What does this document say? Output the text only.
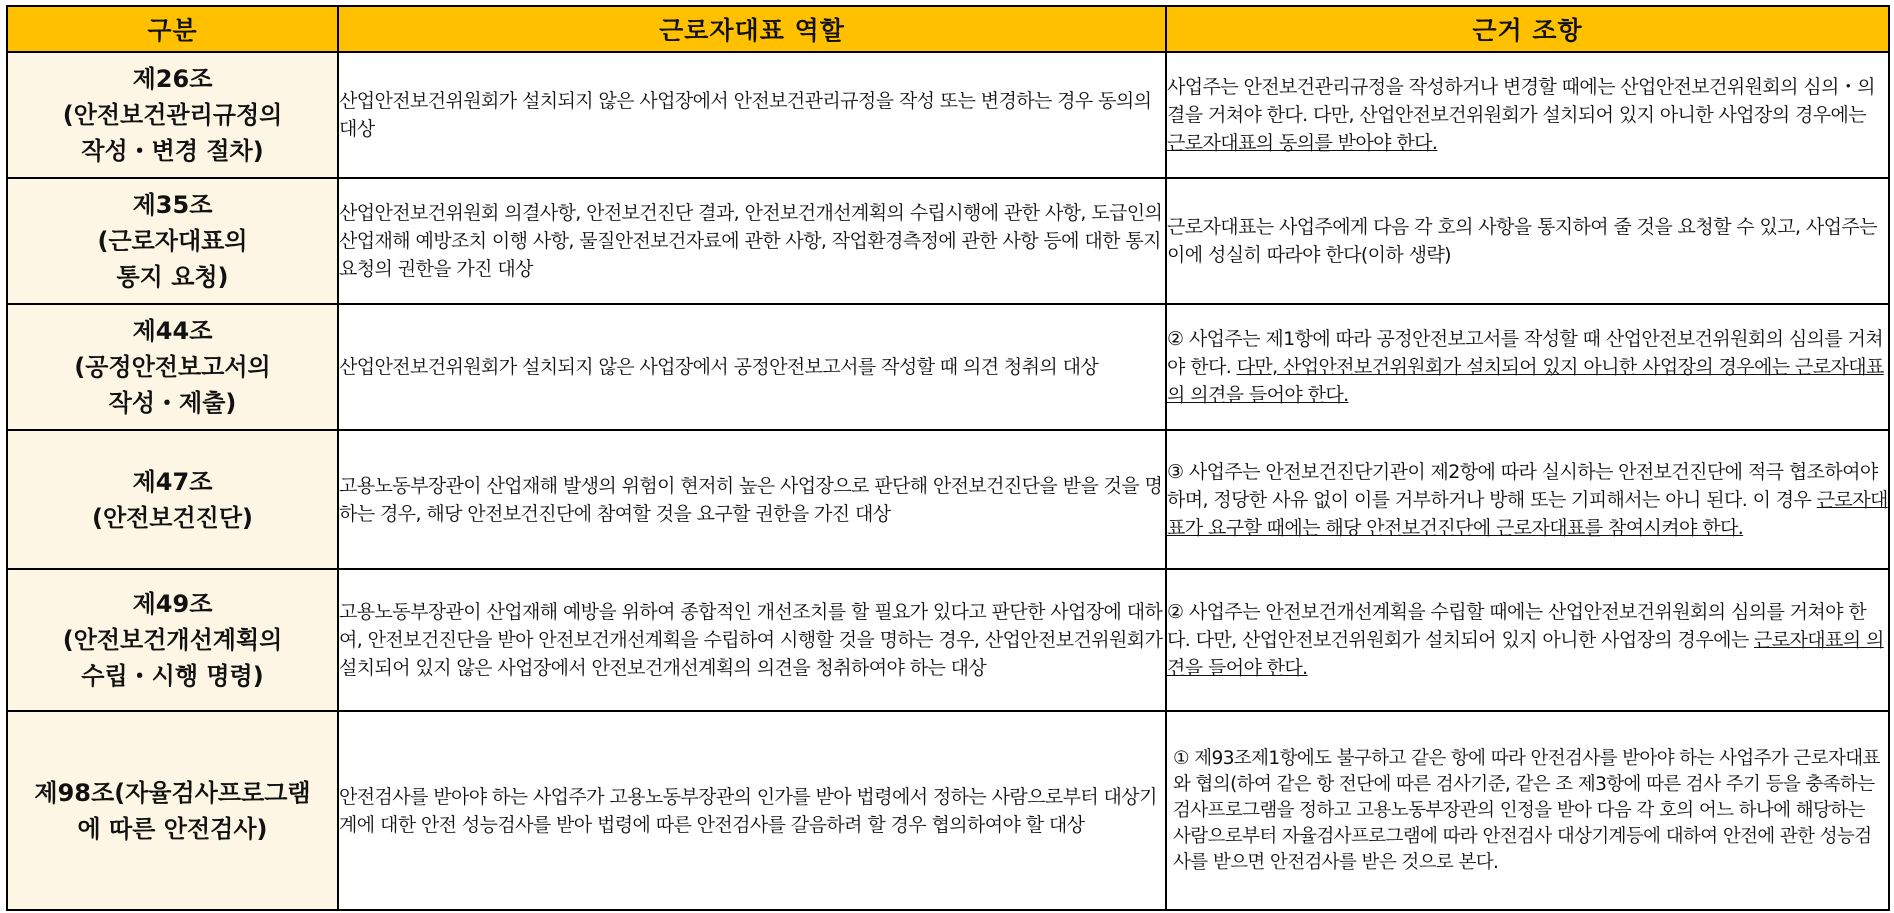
구분	근로자대표 역할	근거 조항

제26조
(안전보건관리규정의
작성・변경 절차)	산업안전보건위원회가 설치되지 않은 사업장에서 안전보건관리규정을 작성 또는 변경하는 경우 동의의 대상	사업주는 안전보건관리규정을 작성하거나 변경할 때에는 산업안전보건위원회의 심의・의결을 거쳐야 한다. 다만, 산업안전보건위원회가 설치되어 있지 아니한 사업장의 경우에는 근로자대표의 동의를 받아야 한다.

제35조
(근로자대표의
통지 요청)	산업안전보건위원회 의결사항, 안전보건진단 결과, 안전보건개선계획의 수립시행에 관한 사항, 도급인의 산업재해 예방조치 이행 사항, 물질안전보건자료에 관한 사항, 작업환경측정에 관한 사항 등에 대한 통지 요청의 권한을 가진 대상	근로자대표는 사업주에게 다음 각 호의 사항을 통지하여 줄 것을 요청할 수 있고, 사업주는 이에 성실히 따라야 한다(이하 생략)

제44조
(공정안전보고서의
작성・제출)	산업안전보건위원회가 설치되지 않은 사업장에서 공정안전보고서를 작성할 때 의견 청취의 대상	② 사업주는 제1항에 따라 공정안전보고서를 작성할 때 산업안전보건위원회의 심의를 거쳐야 한다. 다만, 산업안전보건위원회가 설치되어 있지 아니한 사업장의 경우에는 근로자대표의 의견을 들어야 한다.

제47조
(안전보건진단)	고용노동부장관이 산업재해 발생의 위험이 현저히 높은 사업장으로 판단해 안전보건진단을 받을 것을 명하는 경우, 해당 안전보건진단에 참여할 것을 요구할 권한을 가진 대상	③ 사업주는 안전보건진단기관이 제2항에 따라 실시하는 안전보건진단에 적극 협조하여야 하며, 정당한 사유 없이 이를 거부하거나 방해 또는 기피해서는 아니 된다. 이 경우 근로자대표가 요구할 때에는 해당 안전보건진단에 근로자대표를 참여시켜야 한다.

제49조
(안전보건개선계획의
수립・시행 명령)	고용노동부장관이 산업재해 예방을 위하여 종합적인 개선조치를 할 필요가 있다고 판단한 사업장에 대하여, 안전보건진단을 받아 안전보건개선계획을 수립하여 시행할 것을 명하는 경우, 산업안전보건위원회가 설치되어 있지 않은 사업장에서 안전보건개선계획의 의견을 청취하여야 하는 대상	② 사업주는 안전보건개선계획을 수립할 때에는 산업안전보건위원회의 심의를 거쳐야 한다. 다만, 산업안전보건위원회가 설치되어 있지 아니한 사업장의 경우에는 근로자대표의 의견을 들어야 한다.

제98조(자율검사프로그램
에 따른 안전검사)	안전검사를 받아야 하는 사업주가 고용노동부장관의 인가를 받아 법령에서 정하는 사람으로부터 대상기계에 대한 안전 성능검사를 받아 법령에 따른 안전검사를 갈음하려 할 경우 협의하여야 할 대상	① 제93조제1항에도 불구하고 같은 항에 따라 안전검사를 받아야 하는 사업주가 근로자대표와 협의(하여 같은 항 전단에 따른 검사기준, 같은 조 제3항에 따른 검사 주기 등을 충족하는 검사프로그램을 정하고 고용노동부장관의 인정을 받아 다음 각 호의 어느 하나에 해당하는 사람으로부터 자율검사프로그램에 따라 안전검사 대상기계등에 대하여 안전에 관한 성능검사를 받으면 안전검사를 받은 것으로 본다.
